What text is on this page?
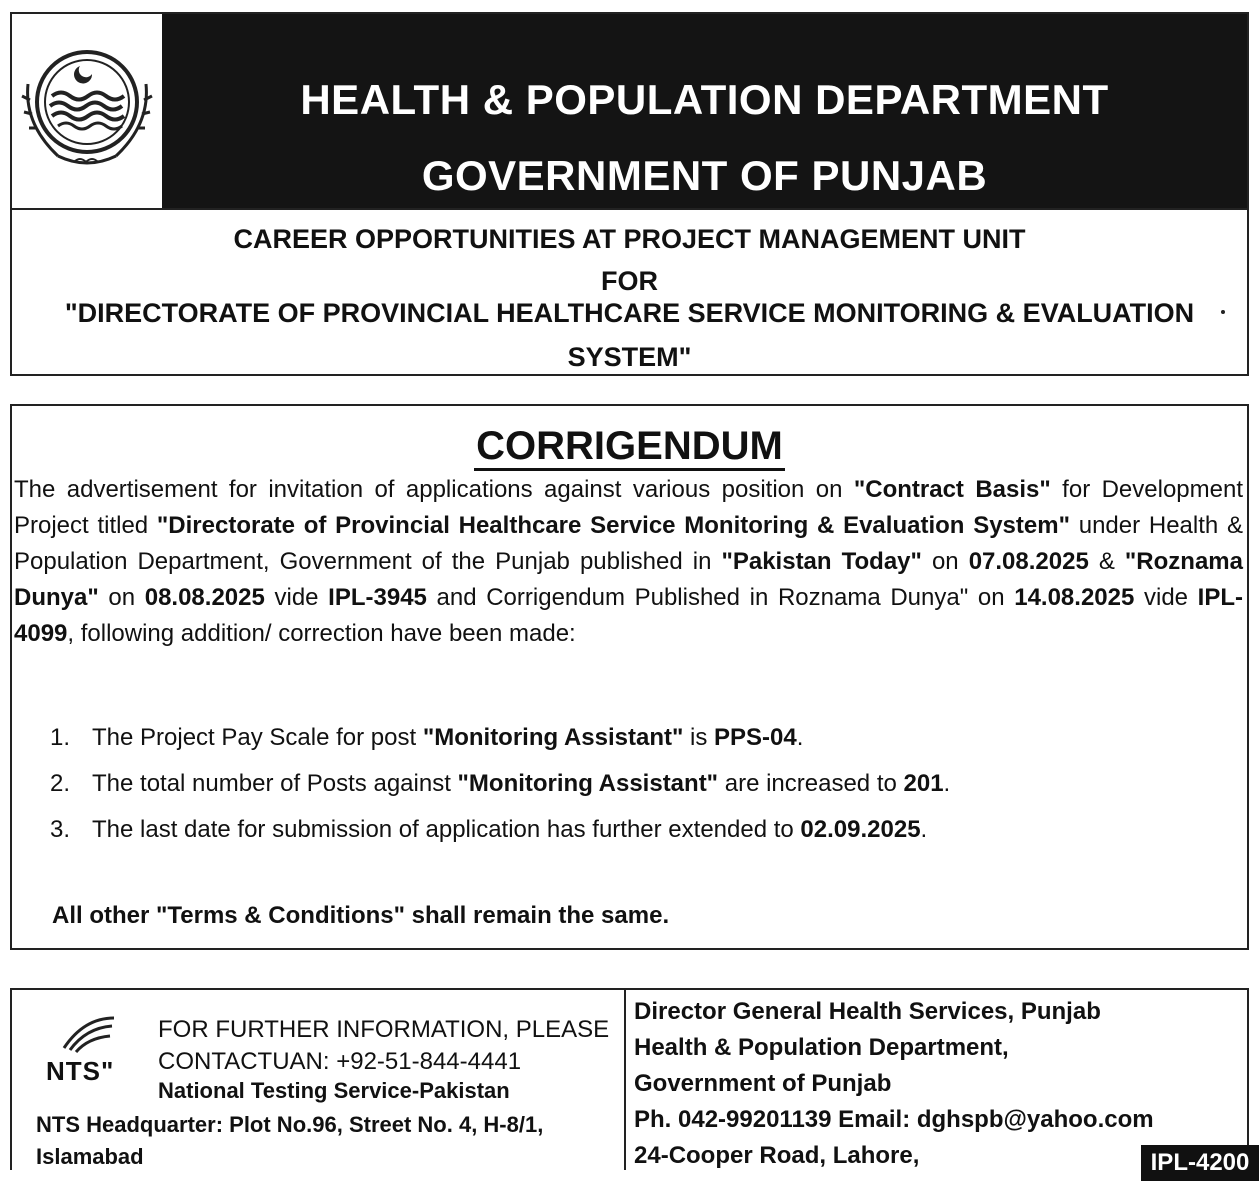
HEALTH & POPULATION DEPARTMENT
GOVERNMENT OF PUNJAB
CAREER OPPORTUNITIES AT PROJECT MANAGEMENT UNIT
FOR
"DIRECTORATE OF PROVINCIAL HEALTHCARE SERVICE MONITORING & EVALUATION
SYSTEM"
CORRIGENDUM
The advertisement for invitation of applications against various position on "Contract Basis" for Development Project titled "Directorate of Provincial Healthcare Service Monitoring & Evaluation System" under Health & Population Department, Government of the Punjab published in "Pakistan Today" on 07.08.2025 & "Roznama Dunya" on 08.08.2025 vide IPL-3945 and Corrigendum Published in Roznama Dunya" on 14.08.2025 vide IPL-4099, following addition/ correction have been made:
1. The Project Pay Scale for post "Monitoring Assistant" is PPS-04.
2. The total number of Posts against "Monitoring Assistant" are increased to 201.
3. The last date for submission of application has further extended to 02.09.2025.
All other "Terms & Conditions" shall remain the same.
NTS"
FOR FURTHER INFORMATION, PLEASE
CONTACTUAN: +92-51-844-4441
National Testing Service-Pakistan
NTS Headquarter: Plot No.96, Street No. 4, H-8/1,
Islamabad
Director General Health Services, Punjab
Health & Population Department,
Government of Punjab
Ph. 042-99201139 Email: dghspb@yahoo.com
24-Cooper Road, Lahore,	IPL-4200
